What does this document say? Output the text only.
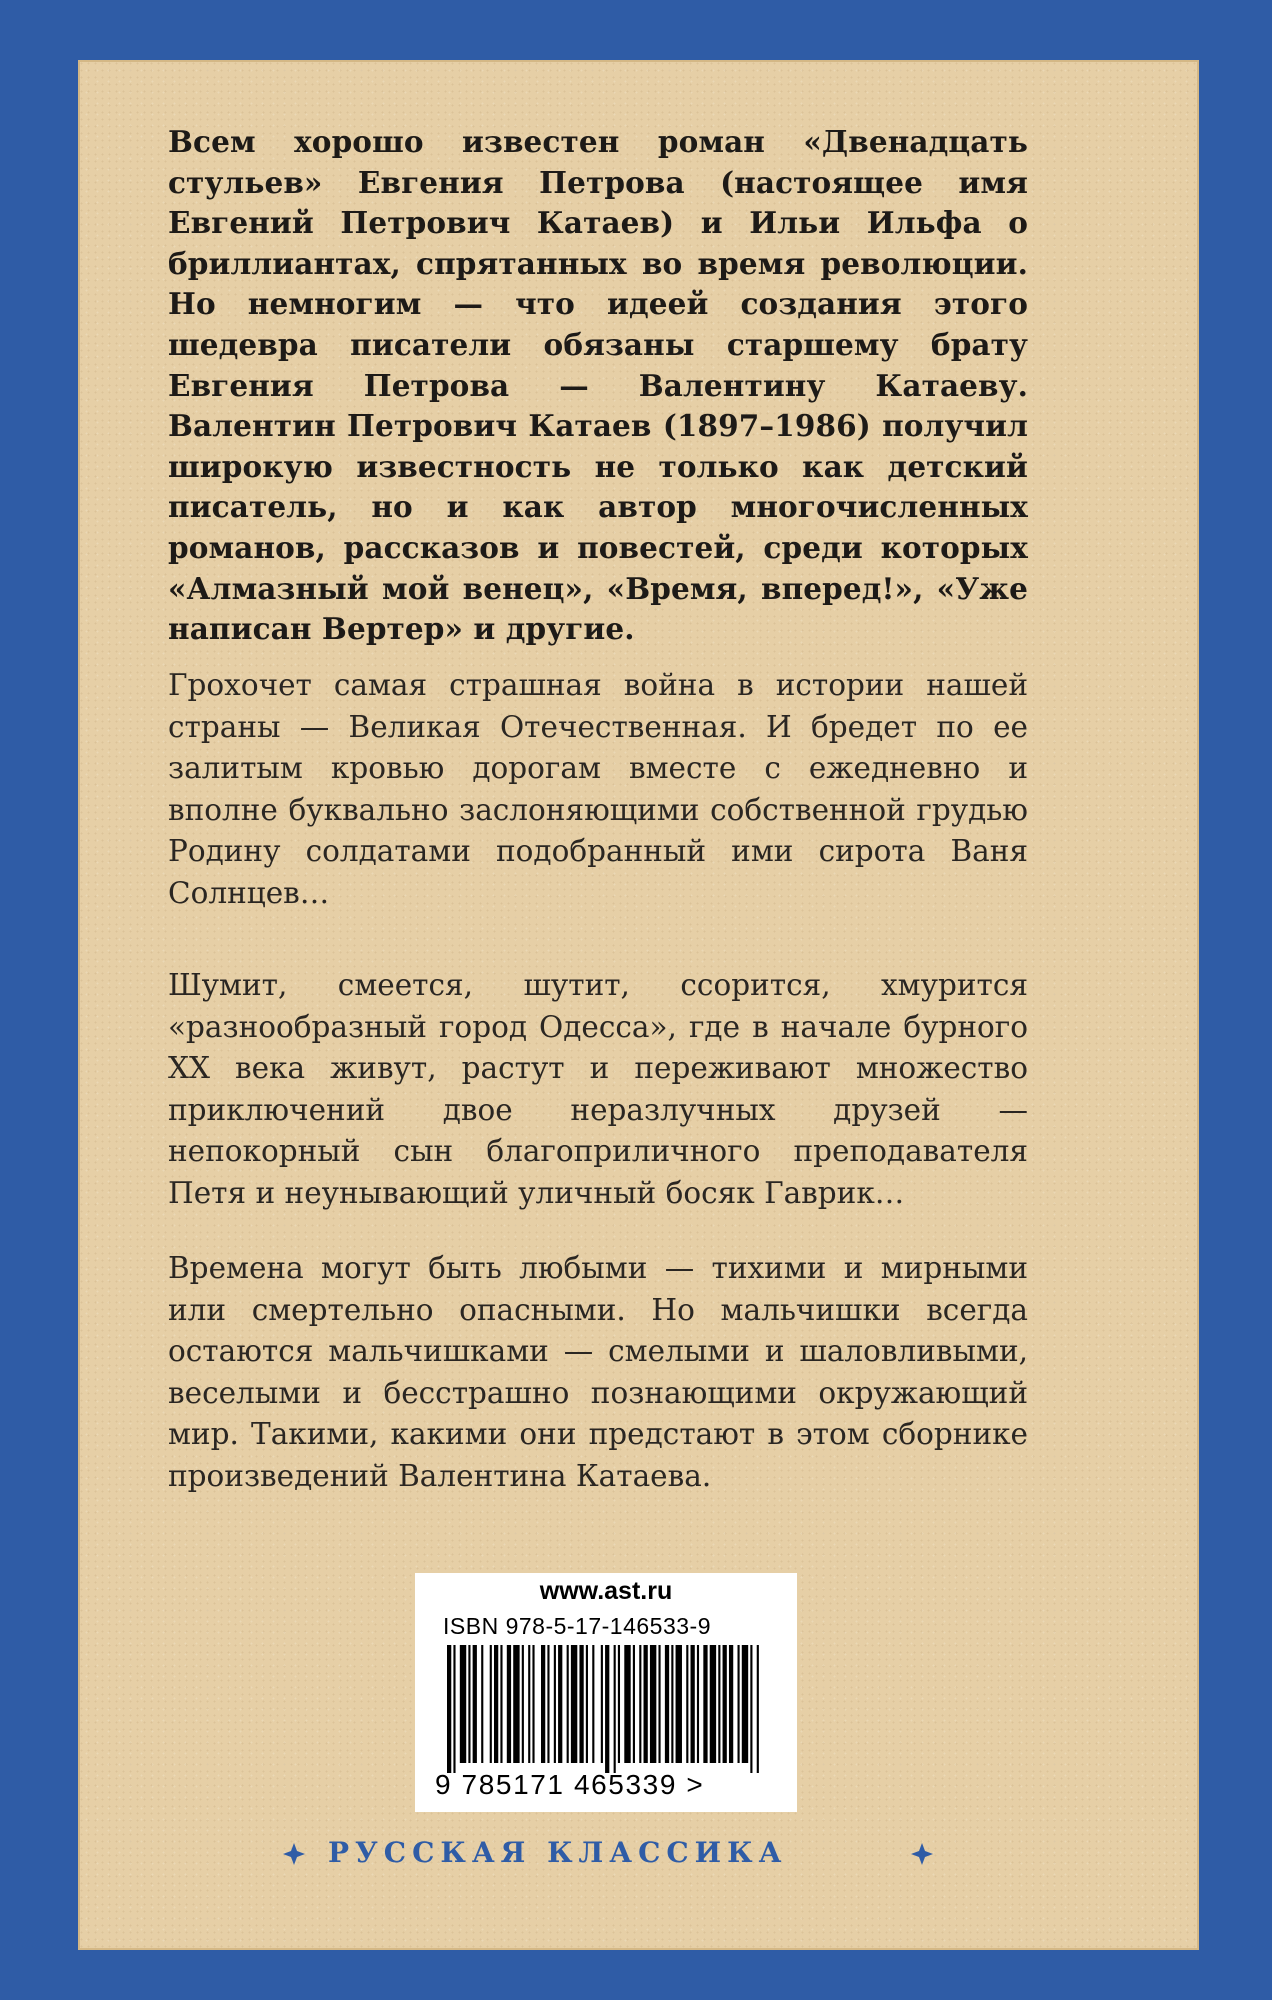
Всем хорошо известен роман «Двенадцать стульев» Евгения Петрова (настоящее имя Евгений Петрович Катаев) и Ильи Ильфа о бриллиантах, спрятанных во время революции. Но немногим — что идеей создания этого шедевра писатели обязаны старшему брату Евгения Петрова — Валентину Катаеву. Валентин Петрович Катаев (1897–1986) получил широкую известность не только как детский писатель, но и как автор многочисленных романов, рассказов и повестей, среди которых «Алмазный мой венец», «Время, вперед!», «Уже написан Вертер» и другие.

Грохочет самая страшная война в истории нашей страны — Великая Отечественная. И бредет по ее залитым кровью дорогам вместе с ежедневно и вполне буквально заслоняющими собственной грудью Родину солдатами подобранный ими сирота Ваня Солнцев…

Шумит, смеется, шутит, ссорится, хмурится «разнообразный город Одесса», где в начале бурного XX века живут, растут и переживают множество приключений двое неразлучных друзей — непокорный сын благоприличного преподавателя Петя и неунывающий уличный босяк Гаврик…

Времена могут быть любыми — тихими и мирными или смертельно опасными. Но мальчишки всегда остаются мальчишками — смелыми и шаловливыми, веселыми и бесстрашно познающими окружающий мир. Такими, какими они предстают в этом сборнике произведений Валентина Катаева.

www.ast.ru
ISBN 978-5-17-146533-9
9 785171 465339 >
РУССКАЯ КЛАССИКА
